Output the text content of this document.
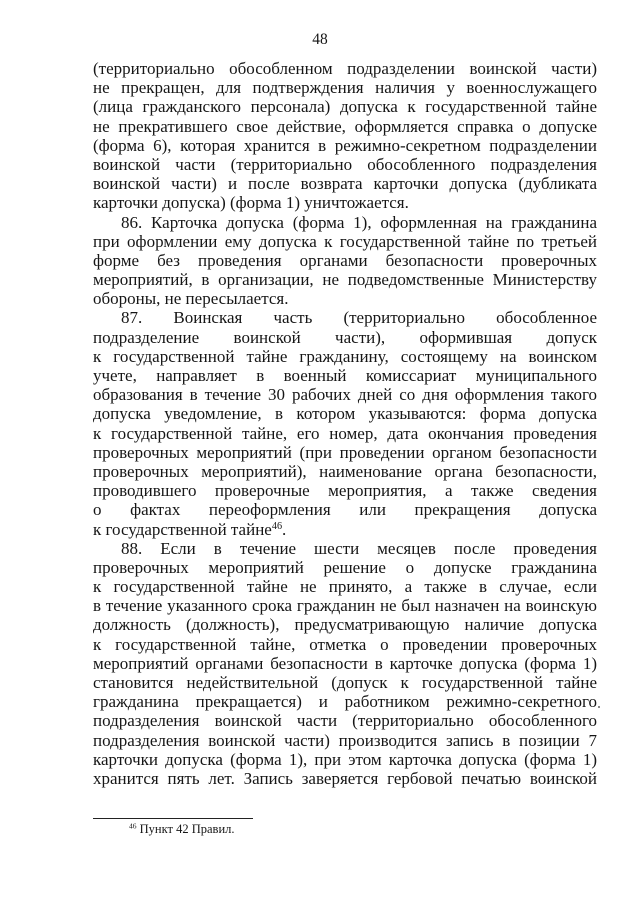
48
(территориально обособленном подразделении воинской части)
не прекращен, для подтверждения наличия у военнослужащего
(лица гражданского персонала) допуска к государственной тайне
не прекратившего свое действие, оформляется справка о допуске
(форма 6), которая хранится в режимно-секретном подразделении
воинской части (территориально обособленного подразделения
воинской части) и после возврата карточки допуска (дубликата
карточки допуска) (форма 1) уничтожается.
86. Карточка допуска (форма 1), оформленная на гражданина
при оформлении ему допуска к государственной тайне по третьей
форме без проведения органами безопасности проверочных
мероприятий, в организации, не подведомственные Министерству
обороны, не пересылается.
87. Воинская часть (территориально обособленное
подразделение воинской части), оформившая допуск
к государственной тайне гражданину, состоящему на воинском
учете, направляет в военный комиссариат муниципального
образования в течение 30 рабочих дней со дня оформления такого
допуска уведомление, в котором указываются: форма допуска
к государственной тайне, его номер, дата окончания проведения
проверочных мероприятий (при проведении органом безопасности
проверочных мероприятий), наименование органа безопасности,
проводившего проверочные мероприятия, а также сведения
о фактах переоформления или прекращения допуска
к государственной тайне$^{46}$.
88. Если в течение шести месяцев после проведения
проверочных мероприятий решение о допуске гражданина
к государственной тайне не принято, а также в случае, если
в течение указанного срока гражданин не был назначен на воинскую
должность (должность), предусматривающую наличие допуска
к государственной тайне, отметка о проведении проверочных
мероприятий органами безопасности в карточке допуска (форма 1)
становится недействительной (допуск к государственной тайне
гражданина прекращается) и работником режимно-секретного
подразделения воинской части (территориально обособленного
подразделения воинской части) производится запись в позиции 7
карточки допуска (форма 1), при этом карточка допуска (форма 1)
хранится пять лет. Запись заверяется гербовой печатью воинской
$^{46}$ Пункт 42 Правил.
